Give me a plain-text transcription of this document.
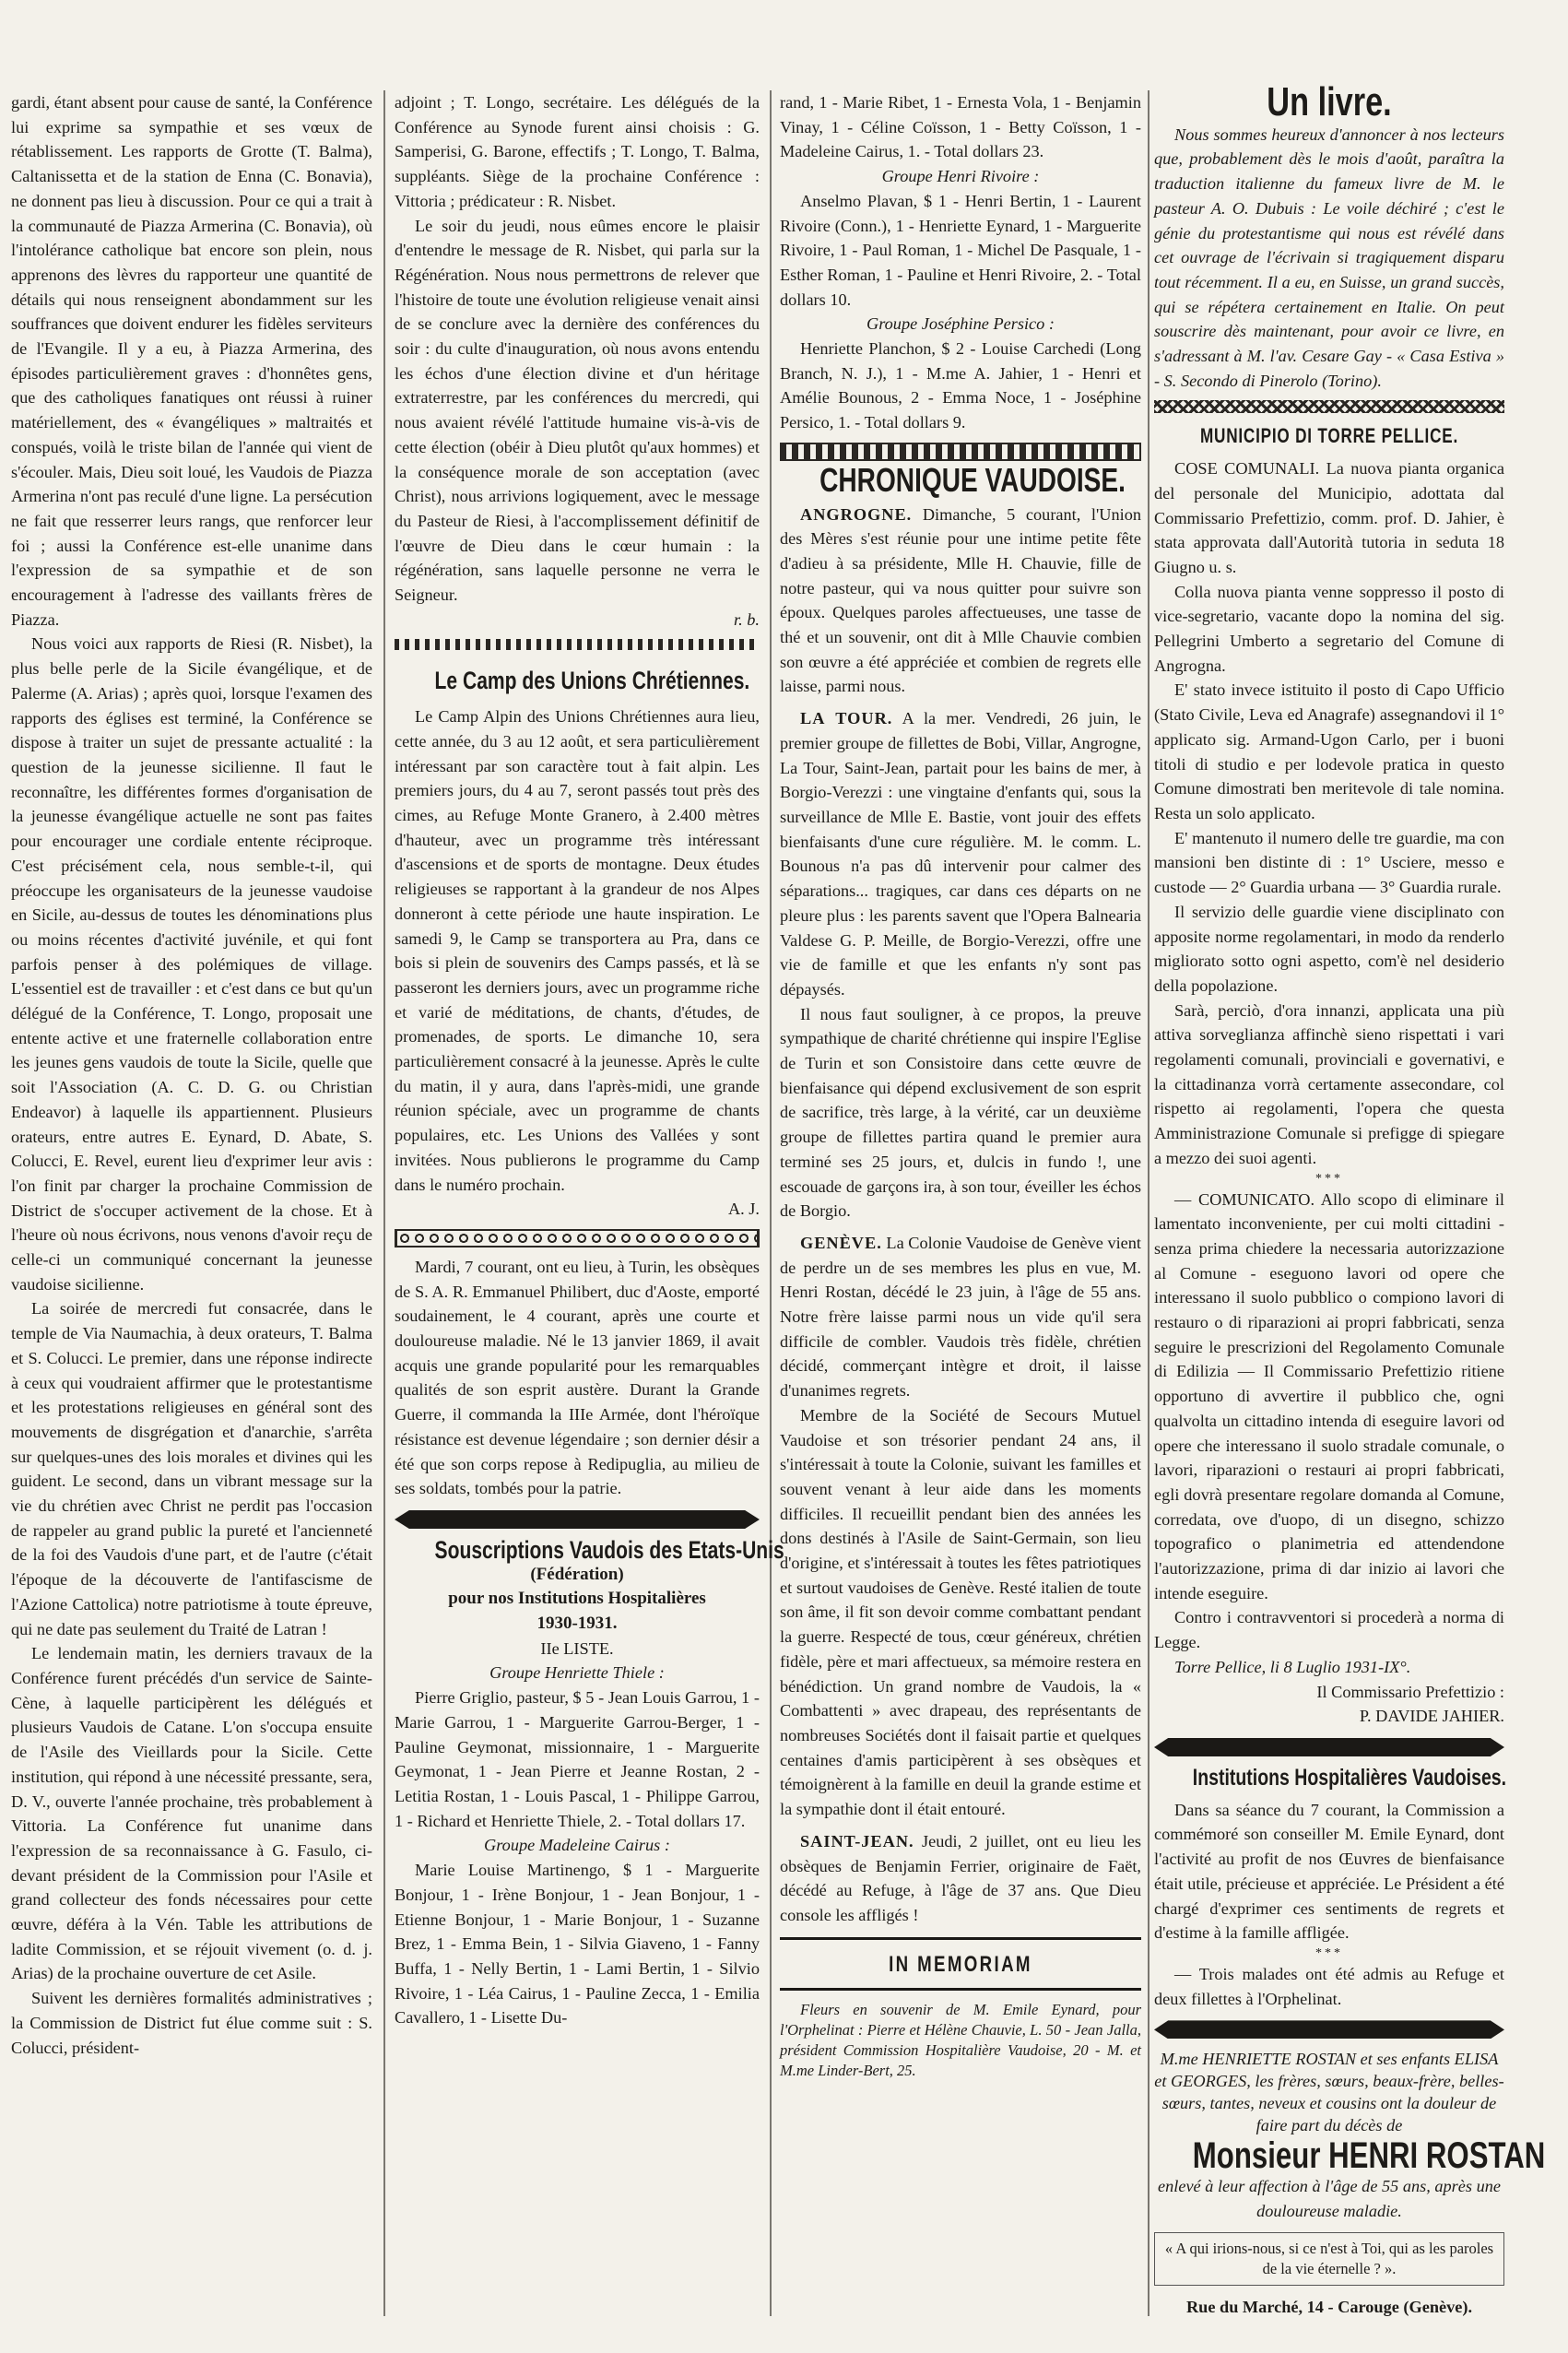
gardi, étant absent pour cause de santé, la Conférence lui exprime sa sympathie et ses vœux de rétablissement. Les rapports de Grotte (T. Balma), Caltanissetta et de la station de Enna (C. Bonavia), ne donnent pas lieu à discussion. Pour ce qui a trait à la communauté de Piazza Armerina (C. Bonavia), où l'intolérance catholique bat encore son plein, nous apprenons des lèvres du rapporteur une quantité de détails qui nous renseignent abondamment sur les souffrances que doivent endurer les fidèles serviteurs de l'Evangile. Il y a eu, à Piazza Armerina, des épisodes particulièrement graves : d'honnêtes gens, que des catholiques fanatiques ont réussi à ruiner matériellement, des « évangéliques » maltraités et conspués, voilà le triste bilan de l'année qui vient de s'écouler. Mais, Dieu soit loué, les Vaudois de Piazza Armerina n'ont pas reculé d'une ligne. La persécution ne fait que resserrer leurs rangs, que renforcer leur foi ; aussi la Conférence est-elle unanime dans l'expression de sa sympathie et de son encouragement à l'adresse des vaillants frères de Piazza.

Nous voici aux rapports de Riesi (R. Nisbet), la plus belle perle de la Sicile évangélique, et de Palerme (A. Arias) ; après quoi, lorsque l'examen des rapports des églises est terminé, la Conférence se dispose à traiter un sujet de pressante actualité : la question de la jeunesse sicilienne. Il faut le reconnaître, les différentes formes d'organisation de la jeunesse évangélique actuelle ne sont pas faites pour encourager une cordiale entente réciproque. C'est précisément cela, nous semble-t-il, qui préoccupe les organisateurs de la jeunesse vaudoise en Sicile, au-dessus de toutes les dénominations plus ou moins récentes d'activité juvénile, et qui font parfois penser à des polémiques de village. L'essentiel est de travailler : et c'est dans ce but qu'un délégué de la Conférence, T. Longo, proposait une entente active et une fraternelle collaboration entre les jeunes gens vaudois de toute la Sicile, quelle que soit l'Association (A. C. D. G. ou Christian Endeavor) à laquelle ils appartiennent. Plusieurs orateurs, entre autres E. Eynard, D. Abate, S. Colucci, E. Revel, eurent lieu d'exprimer leur avis : l'on finit par charger la prochaine Commission de District de s'occuper activement de la chose. Et à l'heure où nous écrivons, nous venons d'avoir reçu de celle-ci un communiqué concernant la jeunesse vaudoise sicilienne.

La soirée de mercredi fut consacrée, dans le temple de Via Naumachia, à deux orateurs, T. Balma et S. Colucci. Le premier, dans une réponse indirecte à ceux qui voudraient affirmer que le protestantisme et les protestations religieuses en général sont des mouvements de disgrégation et d'anarchie, s'arrêta sur quelques-unes des lois morales et divines qui les guident. Le second, dans un vibrant message sur la vie du chrétien avec Christ ne perdit pas l'occasion de rappeler au grand public la pureté et l'ancienneté de la foi des Vaudois d'une part, et de l'autre (c'était l'époque de la découverte de l'antifascisme de l'Azione Cattolica) notre patriotisme à toute épreuve, qui ne date pas seulement du Traité de Latran !

Le lendemain matin, les derniers travaux de la Conférence furent précédés d'un service de Sainte-Cène, à laquelle participèrent les délégués et plusieurs Vaudois de Catane. L'on s'occupa ensuite de l'Asile des Vieillards pour la Sicile. Cette institution, qui répond à une nécessité pressante, sera, D. V., ouverte l'année prochaine, très probablement à Vittoria. La Conférence fut unanime dans l'expression de sa reconnaissance à G. Fasulo, ci-devant président de la Commission pour l'Asile et grand collecteur des fonds nécessaires pour cette œuvre, déféra à la Vén. Table les attributions de ladite Commission, et se réjouit vivement (o. d. j. Arias) de la prochaine ouverture de cet Asile.

Suivent les dernières formalités administratives ; la Commission de District fut élue comme suit : S. Colucci, président-

adjoint ; T. Longo, secrétaire. Les délégués de la Conférence au Synode furent ainsi choisis : G. Samperisi, G. Barone, effectifs ; T. Longo, T. Balma, suppléants. Siège de la prochaine Conférence : Vittoria ; prédicateur : R. Nisbet.

Le soir du jeudi, nous eûmes encore le plaisir d'entendre le message de R. Nisbet, qui parla sur la Régénération. Nous nous permettrons de relever que l'histoire de toute une évolution religieuse venait ainsi de se conclure avec la dernière des conférences du soir : du culte d'inauguration, où nous avons entendu les échos d'une élection divine et d'un héritage extraterrestre, par les conférences du mercredi, qui nous avaient révélé l'attitude humaine vis-à-vis de cette élection (obéir à Dieu plutôt qu'aux hommes) et la conséquence morale de son acceptation (avec Christ), nous arrivions logiquement, avec le message du Pasteur de Riesi, à l'accomplissement définitif de l'œuvre de Dieu dans le cœur humain : la régénération, sans laquelle personne ne verra le Seigneur.

r. b.

Le Camp des Unions Chrétiennes.

Le Camp Alpin des Unions Chrétiennes aura lieu, cette année, du 3 au 12 août, et sera particulièrement intéressant par son caractère tout à fait alpin. Les premiers jours, du 4 au 7, seront passés tout près des cimes, au Refuge Monte Granero, à 2.400 mètres d'hauteur, avec un programme très intéressant d'ascensions et de sports de montagne. Deux études religieuses se rapportant à la grandeur de nos Alpes donneront à cette période une haute inspiration. Le samedi 9, le Camp se transportera au Pra, dans ce bois si plein de souvenirs des Camps passés, et là se passeront les derniers jours, avec un programme riche et varié de méditations, de chants, d'études, de promenades, de sports. Le dimanche 10, sera particulièrement consacré à la jeunesse. Après le culte du matin, il y aura, dans l'après-midi, une grande réunion spéciale, avec un programme de chants populaires, etc. Les Unions des Vallées y sont invitées. Nous publierons le programme du Camp dans le numéro prochain.

A. J.

Mardi, 7 courant, ont eu lieu, à Turin, les obsèques de S. A. R. Emmanuel Philibert, duc d'Aoste, emporté soudainement, le 4 courant, après une courte et douloureuse maladie. Né le 13 janvier 1869, il avait acquis une grande popularité pour les remarquables qualités de son esprit austère. Durant la Grande Guerre, il commanda la IIIe Armée, dont l'héroïque résistance est devenue légendaire ; son dernier désir a été que son corps repose à Redipuglia, au milieu de ses soldats, tombés pour la patrie.

Souscriptions Vaudois des Etats-Unis

(Fédération)

pour nos Institutions Hospitalières

1930-1931.

IIe LISTE.

Groupe Henriette Thiele :

Pierre Griglio, pasteur, $ 5 - Jean Louis Garrou, 1 - Marie Garrou, 1 - Marguerite Garrou-Berger, 1 - Pauline Geymonat, missionnaire, 1 - Marguerite Geymonat, 1 - Jean Pierre et Jeanne Rostan, 2 - Letitia Rostan, 1 - Louis Pascal, 1 - Philippe Garrou, 1 - Richard et Henriette Thiele, 2. - Total dollars 17.

Groupe Madeleine Cairus :

Marie Louise Martinengo, $ 1 - Marguerite Bonjour, 1 - Irène Bonjour, 1 - Jean Bonjour, 1 - Etienne Bonjour, 1 - Marie Bonjour, 1 - Suzanne Brez, 1 - Emma Bein, 1 - Silvia Giaveno, 1 - Fanny Buffa, 1 - Nelly Bertin, 1 - Lami Bertin, 1 - Silvio Rivoire, 1 - Léa Cairus, 1 - Pauline Zecca, 1 - Emilia Cavallero, 1 - Lisette Du-

rand, 1 - Marie Ribet, 1 - Ernesta Vola, 1 - Benjamin Vinay, 1 - Céline Coïsson, 1 - Betty Coïsson, 1 - Madeleine Cairus, 1. - Total dollars 23.

Groupe Henri Rivoire :

Anselmo Plavan, $ 1 - Henri Bertin, 1 - Laurent Rivoire (Conn.), 1 - Henriette Eynard, 1 - Marguerite Rivoire, 1 - Paul Roman, 1 - Michel De Pasquale, 1 - Esther Roman, 1 - Pauline et Henri Rivoire, 2. - Total dollars 10.

Groupe Joséphine Persico :

Henriette Planchon, $ 2 - Louise Carchedi (Long Branch, N. J.), 1 - M.me A. Jahier, 1 - Henri et Amélie Bounous, 2 - Emma Noce, 1 - Joséphine Persico, 1. - Total dollars 9.

CHRONIQUE VAUDOISE.

ANGROGNE. Dimanche, 5 courant, l'Union des Mères s'est réunie pour une intime petite fête d'adieu à sa présidente, Mlle H. Chauvie, fille de notre pasteur, qui va nous quitter pour suivre son époux. Quelques paroles affectueuses, une tasse de thé et un souvenir, ont dit à Mlle Chauvie combien son œuvre a été appréciée et combien de regrets elle laisse, parmi nous.

LA TOUR. A la mer. Vendredi, 26 juin, le premier groupe de fillettes de Bobi, Villar, Angrogne, La Tour, Saint-Jean, partait pour les bains de mer, à Borgio-Verezzi : une vingtaine d'enfants qui, sous la surveillance de Mlle E. Bastie, vont jouir des effets bienfaisants d'une cure régulière. M. le comm. L. Bounous n'a pas dû intervenir pour calmer des séparations... tragiques, car dans ces départs on ne pleure plus : les parents savent que l'Opera Balnearia Valdese G. P. Meille, de Borgio-Verezzi, offre une vie de famille et que les enfants n'y sont pas dépaysés.

Il nous faut souligner, à ce propos, la preuve sympathique de charité chrétienne qui inspire l'Eglise de Turin et son Consistoire dans cette œuvre de bienfaisance qui dépend exclusivement de son esprit de sacrifice, très large, à la vérité, car un deuxième groupe de fillettes partira quand le premier aura terminé ses 25 jours, et, dulcis in fundo !, une escouade de garçons ira, à son tour, éveiller les échos de Borgio.

GENÈVE. La Colonie Vaudoise de Genève vient de perdre un de ses membres les plus en vue, M. Henri Rostan, décédé le 23 juin, à l'âge de 55 ans. Notre frère laisse parmi nous un vide qu'il sera difficile de combler. Vaudois très fidèle, chrétien décidé, commerçant intègre et droit, il laisse d'unanimes regrets.

Membre de la Société de Secours Mutuel Vaudoise et son trésorier pendant 24 ans, il s'intéressait à toute la Colonie, suivant les familles et souvent venant à leur aide dans les moments difficiles. Il recueillit pendant bien des années les dons destinés à l'Asile de Saint-Germain, son lieu d'origine, et s'intéressait à toutes les fêtes patriotiques et surtout vaudoises de Genève. Resté italien de toute son âme, il fit son devoir comme combattant pendant la guerre. Respecté de tous, cœur généreux, chrétien fidèle, père et mari affectueux, sa mémoire restera en bénédiction. Un grand nombre de Vaudois, la « Combattenti » avec drapeau, des représentants de nombreuses Sociétés dont il faisait partie et quelques centaines d'amis participèrent à ses obsèques et témoignèrent à la famille en deuil la grande estime et la sympathie dont il était entouré.

SAINT-JEAN. Jeudi, 2 juillet, ont eu lieu les obsèques de Benjamin Ferrier, originaire de Faët, décédé au Refuge, à l'âge de 37 ans. Que Dieu console les affligés !

IN MEMORIAM

Fleurs en souvenir de M. Emile Eynard, pour l'Orphelinat : Pierre et Hélène Chauvie, L. 50 - Jean Jalla, président Commission Hospitalière Vaudoise, 20 - M. et M.me Linder-Bert, 25.

Un livre.

Nous sommes heureux d'annoncer à nos lecteurs que, probablement dès le mois d'août, paraîtra la traduction italienne du fameux livre de M. le pasteur A. O. Dubuis : Le voile déchiré ; c'est le génie du protestantisme qui nous est révélé dans cet ouvrage de l'écrivain si tragiquement disparu tout récemment. Il a eu, en Suisse, un grand succès, qui se répétera certainement en Italie. On peut souscrire dès maintenant, pour avoir ce livre, en s'adressant à M. l'av. Cesare Gay - « Casa Estiva » - S. Secondo di Pinerolo (Torino).

MUNICIPIO DI TORRE PELLICE.

COSE COMUNALI. La nuova pianta organica del personale del Municipio, adottata dal Commissario Prefettizio, comm. prof. D. Jahier, è stata approvata dall'Autorità tutoria in seduta 18 Giugno u. s.

Colla nuova pianta venne soppresso il posto di vice-segretario, vacante dopo la nomina del sig. Pellegrini Umberto a segretario del Comune di Angrogna.

E' stato invece istituito il posto di Capo Ufficio (Stato Civile, Leva ed Anagrafe) assegnandovi il 1° applicato sig. Armand-Ugon Carlo, per i buoni titoli di studio e per lodevole pratica in questo Comune dimostrati ben meritevole di tale nomina. Resta un solo applicato.

E' mantenuto il numero delle tre guardie, ma con mansioni ben distinte di : 1° Usciere, messo e custode — 2° Guardia urbana — 3° Guardia rurale.

Il servizio delle guardie viene disciplinato con apposite norme regolamentari, in modo da renderlo migliorato sotto ogni aspetto, com'è nel desiderio della popolazione.

Sarà, perciò, d'ora innanzi, applicata una più attiva sorveglianza affinchè sieno rispettati i vari regolamenti comunali, provinciali e governativi, e la cittadinanza vorrà certamente assecondare, col rispetto ai regolamenti, l'opera che questa Amministrazione Comunale si prefigge di spiegare a mezzo dei suoi agenti.

***

— COMUNICATO. Allo scopo di eliminare il lamentato inconveniente, per cui molti cittadini - senza prima chiedere la necessaria autorizzazione al Comune - eseguono lavori od opere che interessano il suolo pubblico o compiono lavori di restauro o di riparazioni ai propri fabbricati, senza seguire le prescrizioni del Regolamento Comunale di Edilizia — Il Commissario Prefettizio ritiene opportuno di avvertire il pubblico che, ogni qualvolta un cittadino intenda di eseguire lavori od opere che interessano il suolo stradale comunale, o lavori, riparazioni o restauri ai propri fabbricati, egli dovrà presentare regolare domanda al Comune, corredata, ove d'uopo, di un disegno, schizzo topografico o planimetria ed attendendone l'autorizzazione, prima di dar inizio ai lavori che intende eseguire.

Contro i contravventori si procederà a norma di Legge.

Torre Pellice, li 8 Luglio 1931-IX°.

Il Commissario Prefettizio :

P. DAVIDE JAHIER.

Institutions Hospitalières Vaudoises.

Dans sa séance du 7 courant, la Commission a commémoré son conseiller M. Emile Eynard, dont l'activité au profit de nos Œuvres de bienfaisance était utile, précieuse et appréciée. Le Président a été chargé d'exprimer ces sentiments de regrets et d'estime à la famille affligée.

***

— Trois malades ont été admis au Refuge et deux fillettes à l'Orphelinat.

M.me HENRIETTE ROSTAN et ses enfants ELISA et GEORGES, les frères, sœurs, beaux-frère, belles-sœurs, tantes, neveux et cousins ont la douleur de faire part du décès de

Monsieur HENRI ROSTAN

enlevé à leur affection à l'âge de 55 ans, après une douloureuse maladie.

« A qui irions-nous, si ce n'est à Toi, qui as les paroles de la vie éternelle ? ».

Rue du Marché, 14 - Carouge (Genève).
